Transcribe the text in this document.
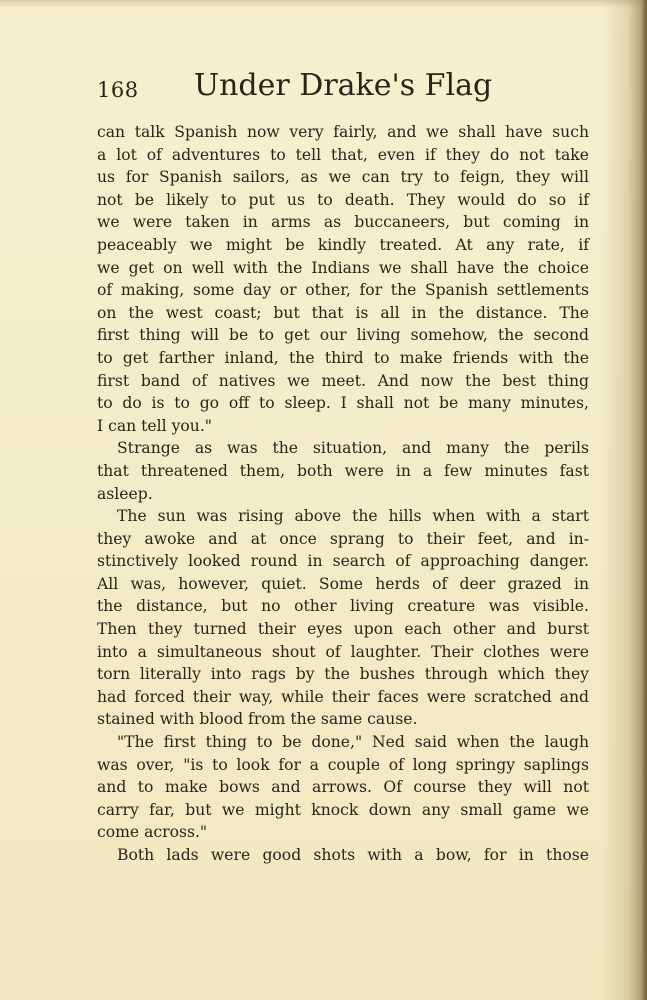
168	Under Drake's Flag
can talk Spanish now very fairly, and we shall have such
a lot of adventures to tell that, even if they do not take
us for Spanish sailors, as we can try to feign, they will
not be likely to put us to death. They would do so if
we were taken in arms as buccaneers, but coming in
peaceably we might be kindly treated. At any rate, if
we get on well with the Indians we shall have the choice
of making, some day or other, for the Spanish settlements
on the west coast; but that is all in the distance. The
first thing will be to get our living somehow, the second
to get farther inland, the third to make friends with the
first band of natives we meet. And now the best thing
to do is to go off to sleep. I shall not be many minutes,
I can tell you."
Strange as was the situation, and many the perils
that threatened them, both were in a few minutes fast
asleep.
The sun was rising above the hills when with a start
they awoke and at once sprang to their feet, and in-
stinctively looked round in search of approaching danger.
All was, however, quiet. Some herds of deer grazed in
the distance, but no other living creature was visible.
Then they turned their eyes upon each other and burst
into a simultaneous shout of laughter. Their clothes were
torn literally into rags by the bushes through which they
had forced their way, while their faces were scratched and
stained with blood from the same cause.
"The first thing to be done," Ned said when the laugh
was over, "is to look for a couple of long springy saplings
and to make bows and arrows. Of course they will not
carry far, but we might knock down any small game we
come across."
Both lads were good shots with a bow, for in those
